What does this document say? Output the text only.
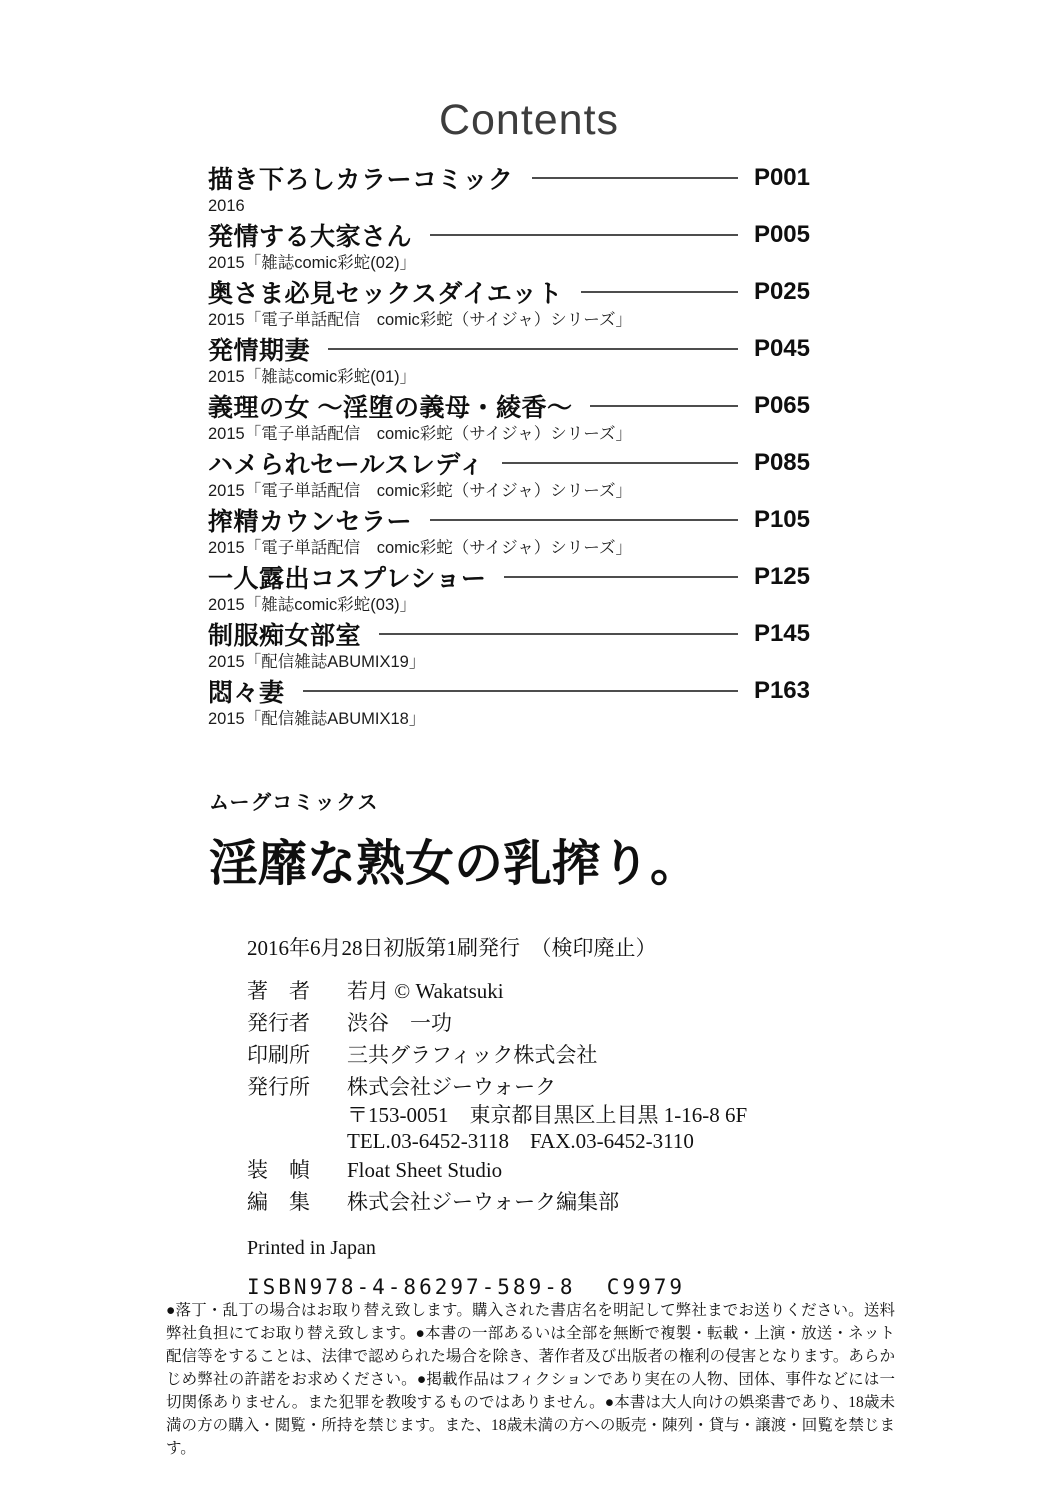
Contents
描き下ろしカラーコミック	P001
2016
発情する大家さん	P005
2015「雑誌comic彩蛇(02)」
奥さま必見セックスダイエット	P025
2015「電子単話配信　comic彩蛇（サイジャ）シリーズ」
発情期妻	P045
2015「雑誌comic彩蛇(01)」
義理の女 ～淫堕の義母・綾香～	P065
2015「電子単話配信　comic彩蛇（サイジャ）シリーズ」
ハメられセールスレディ	P085
2015「電子単話配信　comic彩蛇（サイジャ）シリーズ」
搾精カウンセラー	P105
2015「電子単話配信　comic彩蛇（サイジャ）シリーズ」
一人露出コスプレショー	P125
2015「雑誌comic彩蛇(03)」
制服痴女部室	P145
2015「配信雑誌ABUMIX19」
悶々妻	P163
2015「配信雑誌ABUMIX18」
ムーグコミックス
淫靡な熟女の乳搾り。
2016年6月28日初版第1刷発行　（検印廃止）
著　者	若月 © Wakatsuki
発行者	渋谷　一功
印刷所	三共グラフィック株式会社
発行所	株式会社ジーウォーク
〒153-0051　東京都目黒区上目黒 1-16-8 6F
TEL.03-6452-3118　FAX.03-6452-3110
装　幀	Float Sheet Studio
編　集	株式会社ジーウォーク編集部
Printed in Japan
ISBN978-4-86297-589-8  C9979
●落丁・乱丁の場合はお取り替え致します。購入された書店名を明記して弊社までお送りください。送料弊社負担にてお取り替え致します。●本書の一部あるいは全部を無断で複製・転載・上演・放送・ネット配信等をすることは、法律で認められた場合を除き、著作者及び出版者の権利の侵害となります。あらかじめ弊社の許諾をお求めください。●掲載作品はフィクションであり実在の人物、団体、事件などには一切関係ありません。また犯罪を教唆するものではありません。●本書は大人向けの娯楽書であり、18歳未満の方の購入・閲覧・所持を禁じます。また、18歳未満の方への販売・陳列・貸与・譲渡・回覧を禁じます。
